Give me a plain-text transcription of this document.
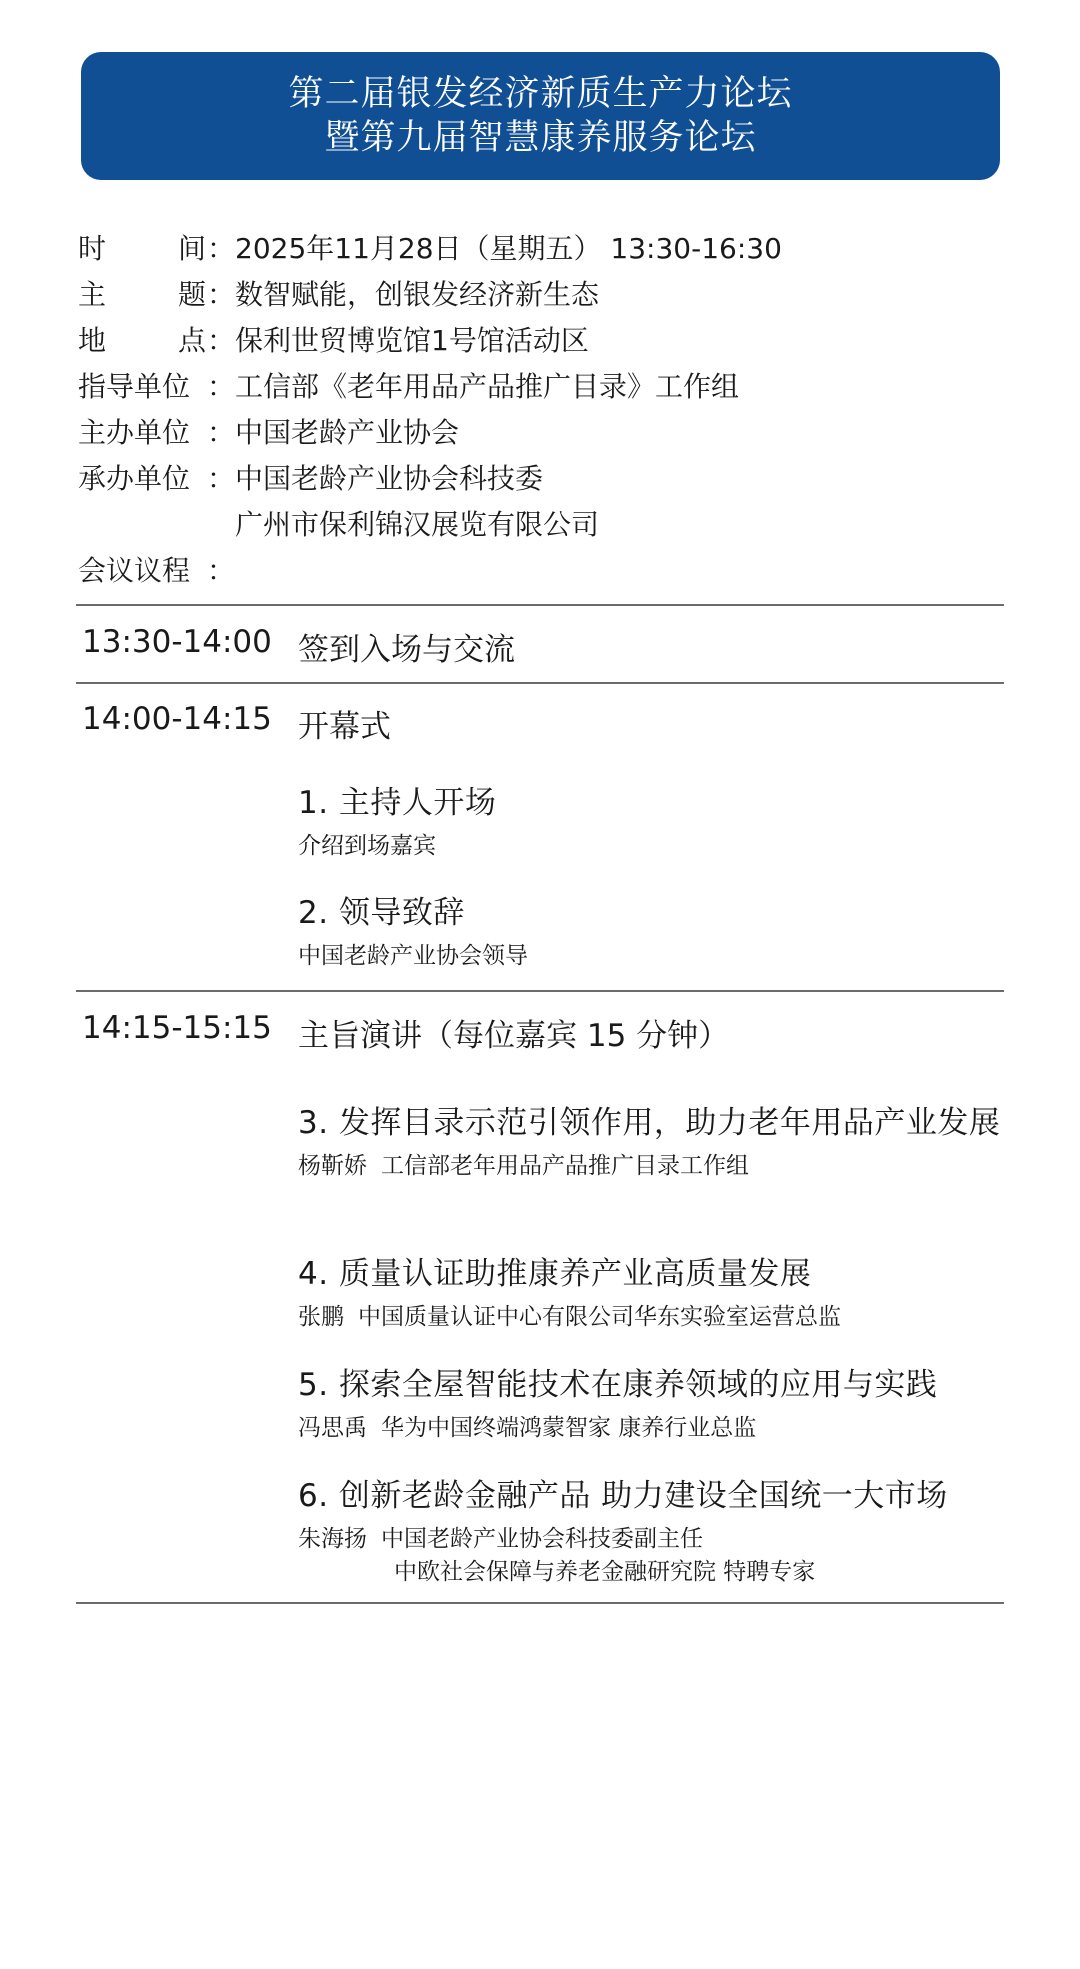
第二届银发经济新质生产力论坛
暨第九届智慧康养服务论坛
时	间 ： 2025年11月28日（星期五） 13:30-16:30
主	题 ： 数智赋能，创银发经济新生态
地	点 ： 保利世贸博览馆1号馆活动区
指导单位 ： 工信部《老年用品产品推广目录》工作组
主办单位 ： 中国老龄产业协会
承办单位 ： 中国老龄产业协会科技委
广州市保利锦汉展览有限公司
会议议程 ：
13:30-14:00 签到入场与交流
14:00-14:15 开幕式
1. 主持人开场
介绍到场嘉宾
2. 领导致辞
中国老龄产业协会领导
14:15-15:15 主旨演讲（每位嘉宾 15 分钟）
3. 发挥目录示范引领作用，助力老年用品产业发展
杨靳娇 工信部老年用品产品推广目录工作组
4. 质量认证助推康养产业高质量发展
张鹏 中国质量认证中心有限公司华东实验室运营总监
5. 探索全屋智能技术在康养领域的应用与实践
冯思禹 华为中国终端鸿蒙智家 康养行业总监
6. 创新老龄金融产品 助力建设全国统一大市场
朱海扬 中国老龄产业协会科技委副主任
中欧社会保障与养老金融研究院 特聘专家
